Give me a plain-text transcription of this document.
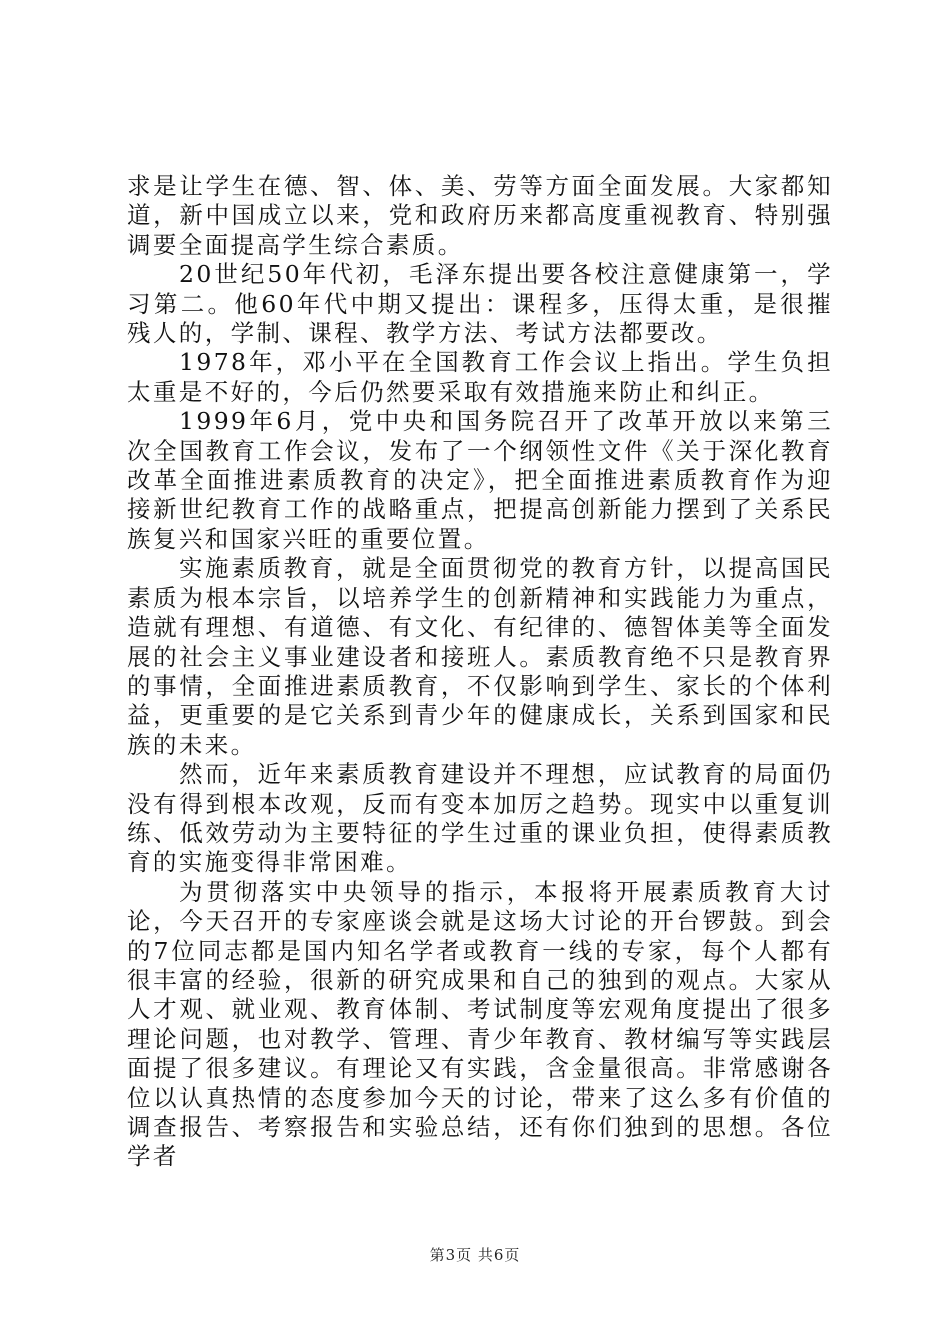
求是让学生在德、智、体、美、劳等方面全面发展。大家都知道，新中国成立以来，党和政府历来都高度重视教育、特别强调要全面提高学生综合素质。

20世纪50年代初，毛泽东提出要各校注意健康第一，学习第二。他60年代中期又提出：课程多，压得太重，是很摧残人的，学制、课程、教学方法、考试方法都要改。

1978年，邓小平在全国教育工作会议上指出。学生负担太重是不好的，今后仍然要采取有效措施来防止和纠正。

1999年6月，党中央和国务院召开了改革开放以来第三次全国教育工作会议，发布了一个纲领性文件《关于深化教育改革全面推进素质教育的决定》，把全面推进素质教育作为迎接新世纪教育工作的战略重点，把提高创新能力摆到了关系民族复兴和国家兴旺的重要位置。

实施素质教育，就是全面贯彻党的教育方针，以提高国民素质为根本宗旨，以培养学生的创新精神和实践能力为重点，造就有理想、有道德、有文化、有纪律的、德智体美等全面发展的社会主义事业建设者和接班人。素质教育绝不只是教育界的事情，全面推进素质教育，不仅影响到学生、家长的个体利益，更重要的是它关系到青少年的健康成长，关系到国家和民族的未来。

然而，近年来素质教育建设并不理想，应试教育的局面仍没有得到根本改观，反而有变本加厉之趋势。现实中以重复训练、低效劳动为主要特征的学生过重的课业负担，使得素质教育的实施变得非常困难。

为贯彻落实中央领导的指示，本报将开展素质教育大讨论，今天召开的专家座谈会就是这场大讨论的开台锣鼓。到会的7位同志都是国内知名学者或教育一线的专家，每个人都有很丰富的经验，很新的研究成果和自己的独到的观点。大家从人才观、就业观、教育体制、考试制度等宏观角度提出了很多理论问题，也对教学、管理、青少年教育、教材编写等实践层面提了很多建议。有理论又有实践，含金量很高。非常感谢各位以认真热情的态度参加今天的讨论，带来了这么多有价值的调查报告、考察报告和实验总结，还有你们独到的思想。各位学者

第3页 共6页
